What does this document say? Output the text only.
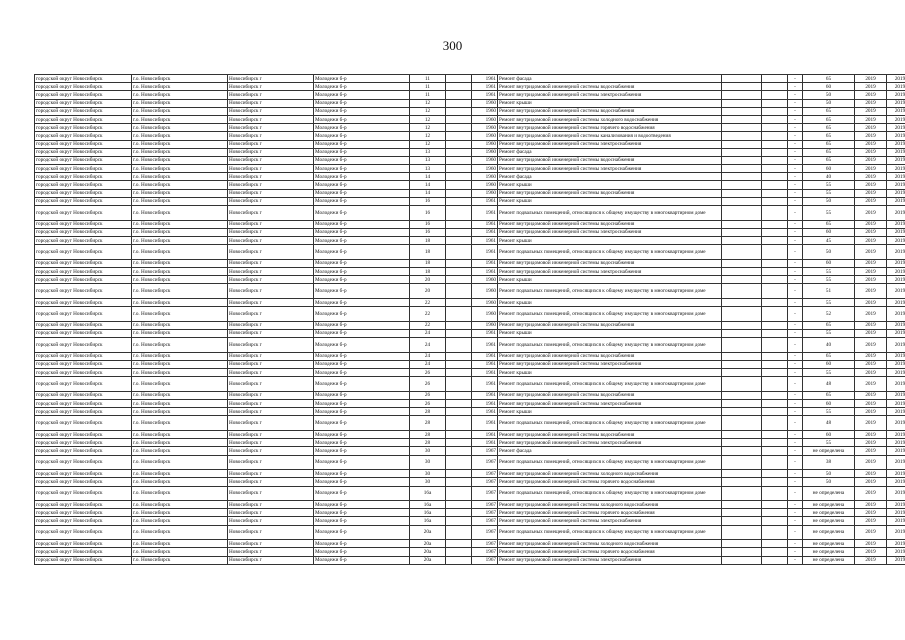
300
городской округ Новосибирск	г.о. Новосибирск	Новосибирск г	Молодежи б-р	11		1961	Ремонт фасада			-	65	2019	2019
городской округ Новосибирск	г.о. Новосибирск	Новосибирск г	Молодежи б-р	11		1961	Ремонт внутридомовой инженерной системы водоснабжения			-	60	2019	2019
городской округ Новосибирск	г.о. Новосибирск	Новосибирск г	Молодежи б-р	11		1961	Ремонт внутридомовой инженерной системы электроснабжения			-	50	2019	2019
городской округ Новосибирск	г.о. Новосибирск	Новосибирск г	Молодежи б-р	12		1960	Ремонт крыши			-	50	2019	2019
городской округ Новосибирск	г.о. Новосибирск	Новосибирск г	Молодежи б-р	12		1960	Ремонт внутридомовой инженерной системы водоснабжения			-	65	2019	2019
городской округ Новосибирск	г.о. Новосибирск	Новосибирск г	Молодежи б-р	12		1960	Ремонт внутридомовой инженерной системы холодного водоснабжения			-	65	2019	2019
городской округ Новосибирск	г.о. Новосибирск	Новосибирск г	Молодежи б-р	12		1960	Ремонт внутридомовой инженерной системы горячего водоснабжения			-	65	2019	2019
городской округ Новосибирск	г.о. Новосибирск	Новосибирск г	Молодежи б-р	12		1960	Ремонт внутридомовой инженерной системы канализования и водоотведения			-	65	2019	2019
городской округ Новосибирск	г.о. Новосибирск	Новосибирск г	Молодежи б-р	12		1960	Ремонт внутридомовой инженерной системы электроснабжения			-	65	2019	2019
городской округ Новосибирск	г.о. Новосибирск	Новосибирск г	Молодежи б-р	13		1960	Ремонт фасада			-	65	2019	2019
городской округ Новосибирск	г.о. Новосибирск	Новосибирск г	Молодежи б-р	13		1960	Ремонт внутридомовой инженерной системы водоснабжения			-	65	2019	2019
городской округ Новосибирск	г.о. Новосибирск	Новосибирск г	Молодежи б-р	13		1960	Ремонт внутридомовой инженерной системы электроснабжения			-	60	2019	2019
городской округ Новосибирск	г.о. Новосибирск	Новосибирск г	Молодежи б-р	14		1960	Ремонт фасада			-	40	2019	2019
городской округ Новосибирск	г.о. Новосибирск	Новосибирск г	Молодежи б-р	14		1960	Ремонт крыши			-	55	2019	2019
городской округ Новосибирск	г.о. Новосибирск	Новосибирск г	Молодежи б-р	14		1960	Ремонт внутридомовой инженерной системы водоснабжения			-	55	2019	2019
городской округ Новосибирск	г.о. Новосибирск	Новосибирск г	Молодежи б-р	16		1961	Ремонт крыши			-	50	2019	2019
городской округ Новосибирск	г.о. Новосибирск	Новосибирск г	Молодежи б-р	16		1961	Ремонт подвальных помещений, относящихся к общему имуществу в многоквартирном доме			-	55	2019	2019
городской округ Новосибирск	г.о. Новосибирск	Новосибирск г	Молодежи б-р	16		1961	Ремонт внутридомовой инженерной системы водоснабжения			-	65	2019	2019
городской округ Новосибирск	г.о. Новосибирск	Новосибирск г	Молодежи б-р	16		1961	Ремонт внутридомовой инженерной системы электроснабжения			-	60	2019	2019
городской округ Новосибирск	г.о. Новосибирск	Новосибирск г	Молодежи б-р	18		1961	Ремонт крыши			-	45	2019	2019
городской округ Новосибирск	г.о. Новосибирск	Новосибирск г	Молодежи б-р	18		1961	Ремонт подвальных помещений, относящихся к общему имуществу в многоквартирном доме			-	50	2019	2019
городской округ Новосибирск	г.о. Новосибирск	Новосибирск г	Молодежи б-р	18		1961	Ремонт внутридомовой инженерной системы водоснабжения			-	60	2019	2019
городской округ Новосибирск	г.о. Новосибирск	Новосибирск г	Молодежи б-р	18		1961	Ремонт внутридомовой инженерной системы электроснабжения			-	55	2019	2019
городской округ Новосибирск	г.о. Новосибирск	Новосибирск г	Молодежи б-р	20		1960	Ремонт крыши			-	55	2019	2019
городской округ Новосибирск	г.о. Новосибирск	Новосибирск г	Молодежи б-р	20		1960	Ремонт подвальных помещений, относящихся к общему имуществу в многоквартирном доме			-	51	2019	2019
городской округ Новосибирск	г.о. Новосибирск	Новосибирск г	Молодежи б-р	22		1960	Ремонт крыши			-	55	2019	2019
городской округ Новосибирск	г.о. Новосибирск	Новосибирск г	Молодежи б-р	22		1960	Ремонт подвальных помещений, относящихся к общему имуществу в многоквартирном доме			-	52	2019	2019
городской округ Новосибирск	г.о. Новосибирск	Новосибирск г	Молодежи б-р	22		1960	Ремонт внутридомовой инженерной системы водоснабжения			-	65	2019	2019
городской округ Новосибирск	г.о. Новосибирск	Новосибирск г	Молодежи б-р	24		1961	Ремонт крыши			-	55	2019	2019
городской округ Новосибирск	г.о. Новосибирск	Новосибирск г	Молодежи б-р	24		1961	Ремонт подвальных помещений, относящихся к общему имуществу в многоквартирном доме			-	40	2019	2019
городской округ Новосибирск	г.о. Новосибирск	Новосибирск г	Молодежи б-р	24		1961	Ремонт внутридомовой инженерной системы водоснабжения			-	65	2019	2019
городской округ Новосибирск	г.о. Новосибирск	Новосибирск г	Молодежи б-р	24		1961	Ремонт внутридомовой инженерной системы электроснабжения			-	60	2019	2019
городской округ Новосибирск	г.о. Новосибирск	Новосибирск г	Молодежи б-р	26		1961	Ремонт крыши			-	55	2019	2019
городской округ Новосибирск	г.о. Новосибирск	Новосибирск г	Молодежи б-р	26		1961	Ремонт подвальных помещений, относящихся к общему имуществу в многоквартирном доме			-	48	2019	2019
городской округ Новосибирск	г.о. Новосибирск	Новосибирск г	Молодежи б-р	26		1961	Ремонт внутридомовой инженерной системы водоснабжения			-	65	2019	2019
городской округ Новосибирск	г.о. Новосибирск	Новосибирск г	Молодежи б-р	26		1961	Ремонт внутридомовой инженерной системы электроснабжения			-	60	2019	2019
городской округ Новосибирск	г.о. Новосибирск	Новосибирск г	Молодежи б-р	28		1961	Ремонт крыши			-	55	2019	2019
городской округ Новосибирск	г.о. Новосибирск	Новосибирск г	Молодежи б-р	28		1961	Ремонт подвальных помещений, относящихся к общему имуществу в многоквартирном доме			-	48	2019	2019
городской округ Новосибирск	г.о. Новосибирск	Новосибирск г	Молодежи б-р	28		1961	Ремонт внутридомовой инженерной системы водоснабжения			-	60	2019	2019
городской округ Новосибирск	г.о. Новосибирск	Новосибирск г	Молодежи б-р	28		1961	Ремонт внутридомовой инженерной системы электроснабжения			-	55	2019	2019
городской округ Новосибирск	г.о. Новосибирск	Новосибирск г	Молодежи б-р	30		1967	Ремонт фасада			-	не определена	2019	2019
городской округ Новосибирск	г.о. Новосибирск	Новосибирск г	Молодежи б-р	30		1967	Ремонт подвальных помещений, относящихся к общему имуществу в многоквартирном доме			-	38	2019	2019
городской округ Новосибирск	г.о. Новосибирск	Новосибирск г	Молодежи б-р	30		1967	Ремонт внутридомовой инженерной системы холодного водоснабжения			-	50	2019	2019
городской округ Новосибирск	г.о. Новосибирск	Новосибирск г	Молодежи б-р	30		1967	Ремонт внутридомовой инженерной системы горячего водоснабжения			-	50	2019	2019
городской округ Новосибирск	г.о. Новосибирск	Новосибирск г	Молодежи б-р	16а		1967	Ремонт подвальных помещений, относящихся к общему имуществу в многоквартирном доме			-	не определена	2019	2019
городской округ Новосибирск	г.о. Новосибирск	Новосибирск г	Молодежи б-р	16а		1967	Ремонт внутридомовой инженерной системы холодного водоснабжения			-	не определена	2019	2019
городской округ Новосибирск	г.о. Новосибирск	Новосибирск г	Молодежи б-р	16а		1967	Ремонт внутридомовой инженерной системы горячего водоснабжения			-	не определена	2019	2019
городской округ Новосибирск	г.о. Новосибирск	Новосибирск г	Молодежи б-р	16а		1967	Ремонт внутридомовой инженерной системы электроснабжения			-	не определена	2019	2019
городской округ Новосибирск	г.о. Новосибирск	Новосибирск г	Молодежи б-р	20а		1967	Ремонт подвальных помещений, относящихся к общему имуществу в многоквартирном доме			-	не определена	2019	2019
городской округ Новосибирск	г.о. Новосибирск	Новосибирск г	Молодежи б-р	20а		1967	Ремонт внутридомовой инженерной системы холодного водоснабжения			-	не определена	2019	2019
городской округ Новосибирск	г.о. Новосибирск	Новосибирск г	Молодежи б-р	20а		1967	Ремонт внутридомовой инженерной системы горячего водоснабжения			-	не определена	2019	2019
городской округ Новосибирск	г.о. Новосибирск	Новосибирск г	Молодежи б-р	20а		1967	Ремонт внутридомовой инженерной системы электроснабжения			-	не определена	2019	2019
